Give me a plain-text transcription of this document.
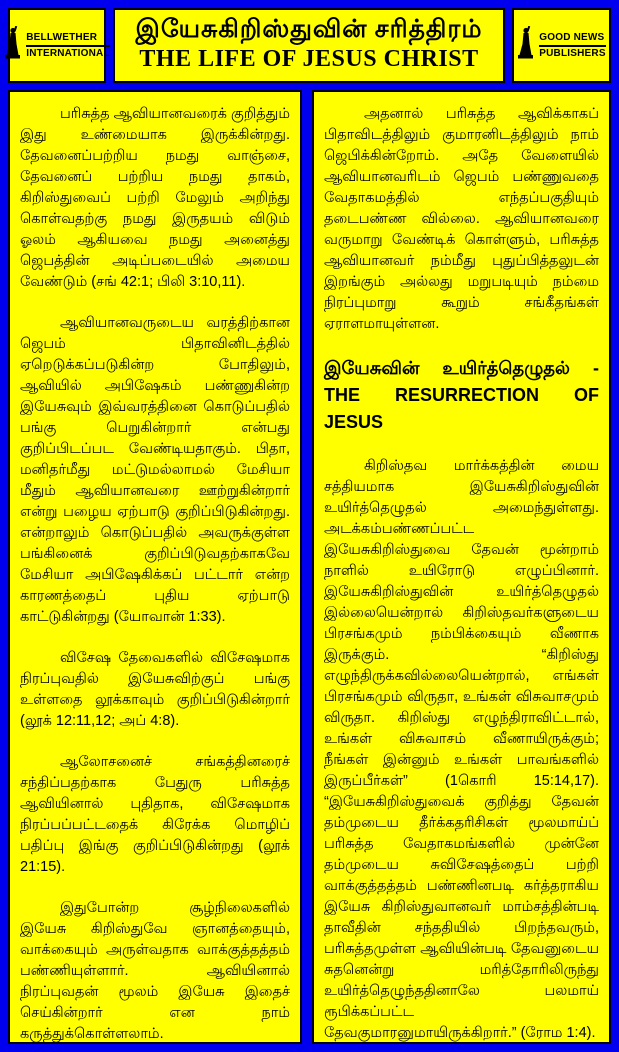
BELLWETHER
INTERNATIONAL
இயேசுகிறிஸ்துவின் சரித்திரம்
THE LIFE OF JESUS CHRIST
GOOD NEWS
PUBLISHERS

பரிசுத்த ஆவியானவரைக் குறித்தும் இது உண்மையாக இருக்கின்றது. தேவனைப்பற்றிய நமது வாஞ்சை, தேவனைப் பற்றிய நமது தாகம், கிறிஸ்துவைப் பற்றி மேலும் அறிந்து கொள்வதற்கு நமது இருதயம் விடும் ஓலம் ஆகியவை நமது அனைத்து ஜெபத்தின் அடிப்படையில் அமைய வேண்டும் (சங் 42:1; பிலி 3:10,11).

ஆவியானவருடைய வரத்திற்கான ஜெபம் பிதாவினிடத்தில் ஏறெடுக்கப்படுகின்ற போதிலும், ஆவியில் அபிஷேகம் பண்ணுகின்ற இயேசுவும் இவ்வரத்தினை கொடுப்பதில் பங்கு பெறுகின்றார் என்பது குறிப்பிடப்பட வேண்டியதாகும். பிதா, மனிதர்மீது மட்டுமல்லாமல் மேசியா மீதும் ஆவியானவரை ஊற்றுகின்றார் என்று பழைய ஏற்பாடு குறிப்பிடுகின்றது. என்றாலும் கொடுப்பதில் அவருக்குள்ள பங்கினைக் குறிப்பிடுவதற்காகவே மேசியா அபிஷேகிக்கப் பட்டார் என்ற காரணத்தைப் புதிய ஏற்பாடு காட்டுகின்றது (யோவான் 1:33).

விசேஷ தேவைகளில் விசேஷமாக நிரப்புவதில் இயேசுவிற்குப் பங்கு உள்ளதை லூக்காவும் குறிப்பிடுகின்றார் (லூக் 12:11,12; அப் 4:8).

ஆலோசனைச் சங்கத்தினரைச் சந்திப்பதற்காக பேதுரு பரிசுத்த ஆவியினால் புதிதாக, விசேஷமாக நிரப்பப்பட்டதைக் கிரேக்க மொழிப் பதிப்பு இங்கு குறிப்பிடுகின்றது (லூக் 21:15).

இதுபோன்ற சூழ்நிலைகளில் இயேசு கிறிஸ்துவே ஞானத்தையும், வாக்கையும் அருள்வதாக வாக்குத்தத்தம் பண்ணியுள்ளார். ஆவியினால் நிரப்புவதன் மூலம் இயேசு இதைச் செய்கின்றார் என நாம் கருத்துக்கொள்ளலாம்.

அதனால் பரிசுத்த ஆவிக்காகப் பிதாவிடத்திலும் குமாரனிடத்திலும் நாம் ஜெபிக்கின்றோம். அதே வேளையில் ஆவியானவரிடம் ஜெபம் பண்ணுவதை வேதாகமத்தில் எந்தப்பகுதியும் தடைபண்ண வில்லை. ஆவியானவரை வருமாறு வேண்டிக் கொள்ளும், பரிசுத்த ஆவியானவர் நம்மீது புதுப்பித்தலுடன் இறங்கும் அல்லது மறுபடியும் நம்மை நிரப்புமாறு கூறும் சங்கீதங்கள் ஏராளமாயுள்ளன.

இயேசுவின் உயிர்த்தெழுதல் - THE RESURRECTION OF JESUS

கிறிஸ்தவ மார்க்கத்தின் மைய சத்தியமாக இயேசுகிறிஸ்துவின் உயிர்த்தெழுதல் அமைந்துள்ளது. அடக்கம்பண்ணப்பட்ட இயேசுகிறிஸ்துவை தேவன் மூன்றாம் நாளில் உயிரோடு எழுப்பினார். இயேசுகிறிஸ்துவின் உயிர்த்தெழுதல் இல்லையென்றால் கிறிஸ்தவர்களுடைய பிரசங்கமும் நம்பிக்கையும் வீணாக இருக்கும். “கிறிஸ்து எழுந்திருக்கவில்லையென்றால், எங்கள் பிரசங்கமும் விருதா, உங்கள் விசுவாசமும் விருதா. கிறிஸ்து எழுந்திராவிட்டால், உங்கள் விசுவாசம் வீணாயிருக்கும்; நீங்கள் இன்னும் உங்கள் பாவங்களில் இருப்பீர்கள்” (1கொரி 15:14,17). “இயேசுகிறிஸ்துவைக் குறித்து தேவன் தம்முடைய தீர்க்கதரிசிகள் மூலமாய்ப் பரிசுத்த வேதாகமங்களில் முன்னே தம்முடைய சுவிசேஷத்தைப் பற்றி வாக்குத்தத்தம் பண்ணினபடி கர்த்தராகிய இயேசு கிறிஸ்துவானவர் மாம்சத்தின்படி தாவீதின் சந்ததியில் பிறந்தவரும், பரிசுத்தமுள்ள ஆவியின்படி தேவனுடைய சுதனென்று மரித்தோரிலிருந்து உயிர்த்தெழுந்ததினாலே பலமாய் ரூபிக்கப்பட்ட தேவகுமாரனுமாயிருக்கிறார்.” (ரோம 1:4).
